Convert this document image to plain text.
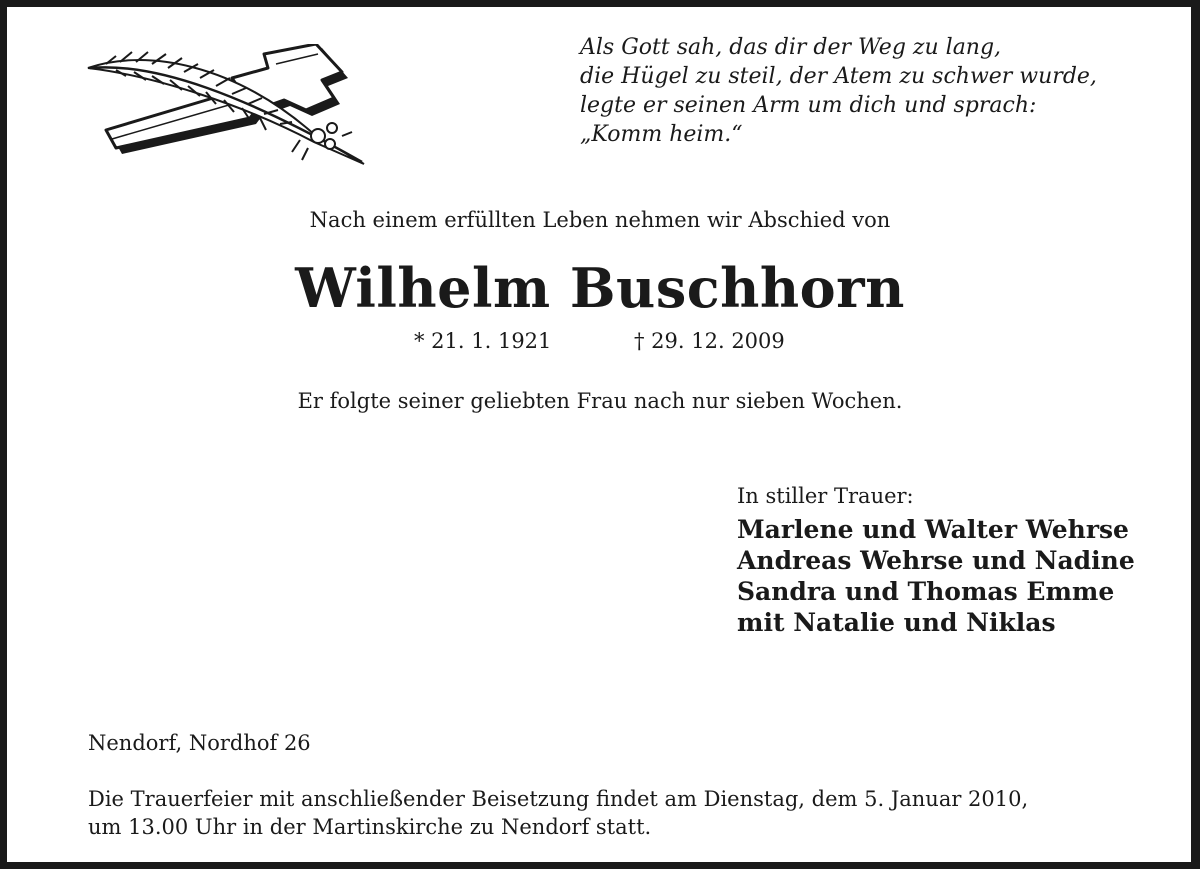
Als Gott sah, das dir der Weg zu lang,
die Hügel zu steil, der Atem zu schwer wurde,
legte er seinen Arm um dich und sprach:
„Komm heim.“
Nach einem erfüllten Leben nehmen wir Abschied von
Wilhelm Buschhorn
* 21. 1. 1921	† 29. 12. 2009
Er folgte seiner geliebten Frau nach nur sieben Wochen.
In stiller Trauer:
Marlene und Walter Wehrse
Andreas Wehrse und Nadine
Sandra und Thomas Emme
mit Natalie und Niklas
Nendorf, Nordhof 26
Die Trauerfeier mit anschließender Beisetzung findet am Dienstag, dem 5. Januar 2010,
um 13.00 Uhr in der Martinskirche zu Nendorf statt.
